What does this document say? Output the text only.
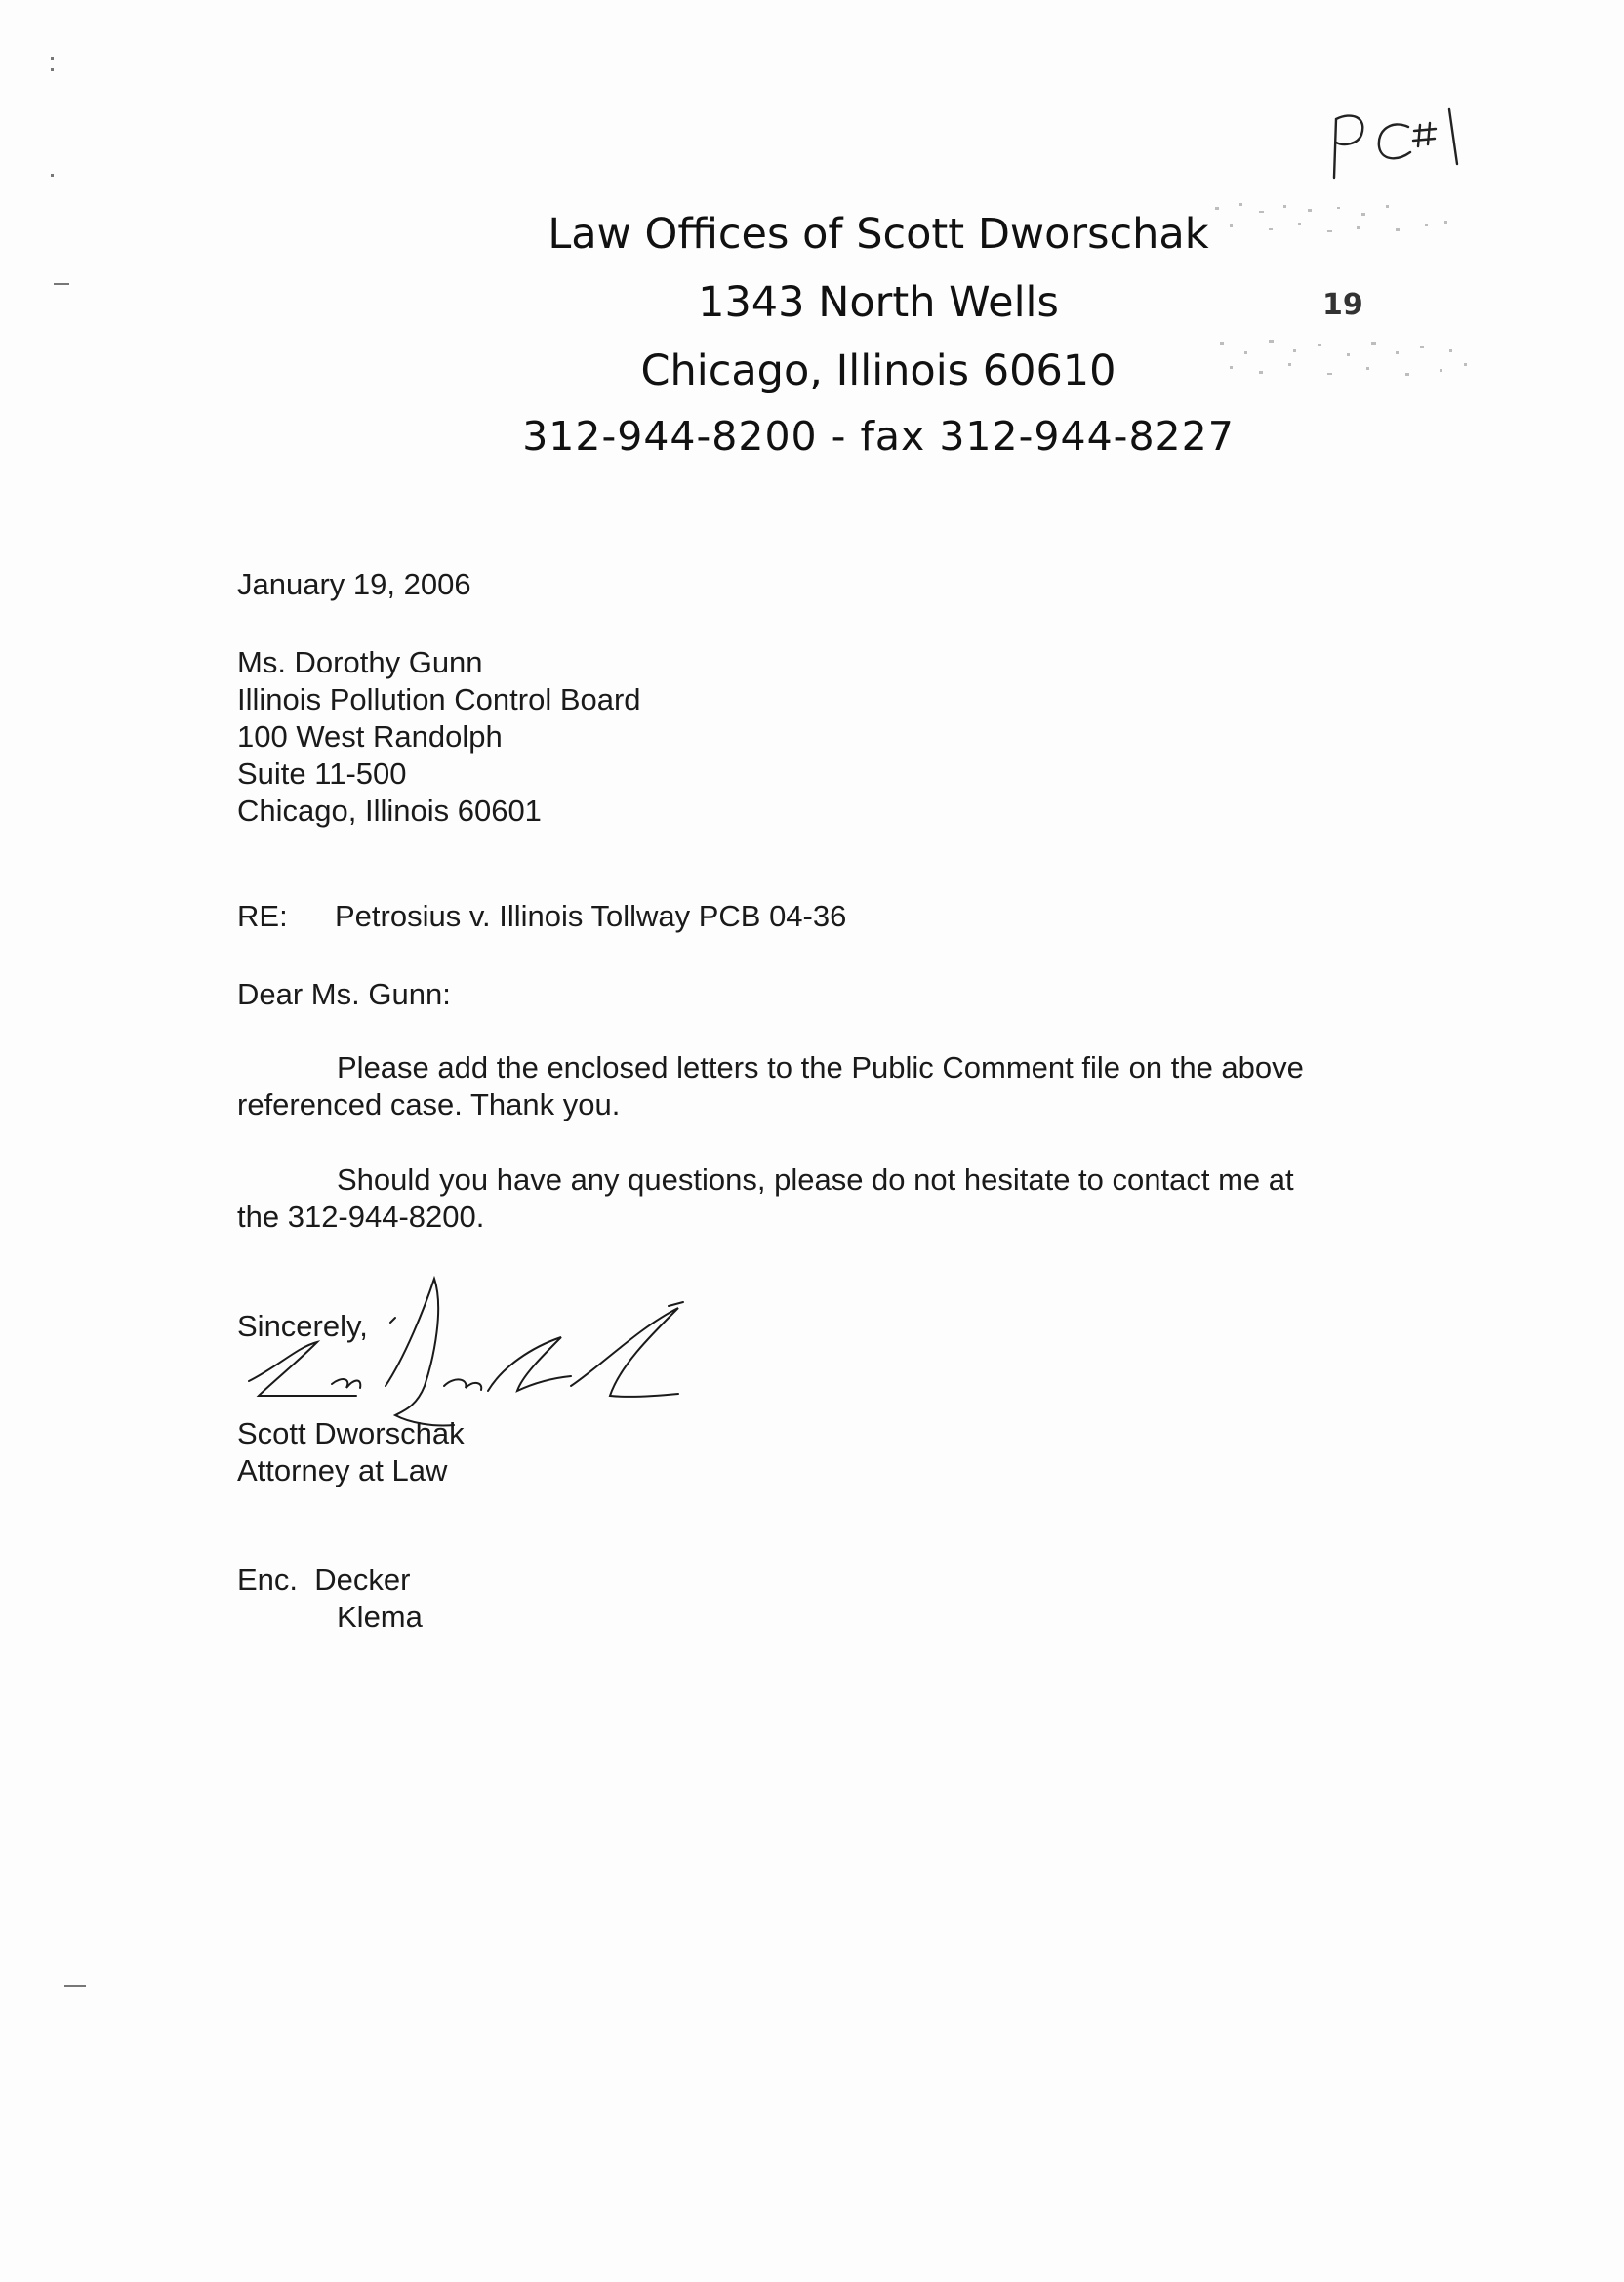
19
Law Offices of Scott Dworschak
1343 North Wells
Chicago, Illinois 60610
312-944-8200 - fax 312-944-8227
January 19, 2006
Ms. Dorothy Gunn
Illinois Pollution Control Board
100 West Randolph
Suite 11-500
Chicago, Illinois 60601
RE: Petrosius v. Illinois Tollway PCB 04-36
Dear Ms. Gunn:
Please add the enclosed letters to the Public Comment file on the above
referenced case. Thank you.
Should you have any questions, please do not hesitate to contact me at
the 312-944-8200.
Sincerely,
Scott Dworschak
Attorney at Law
Enc. Decker
Klema
